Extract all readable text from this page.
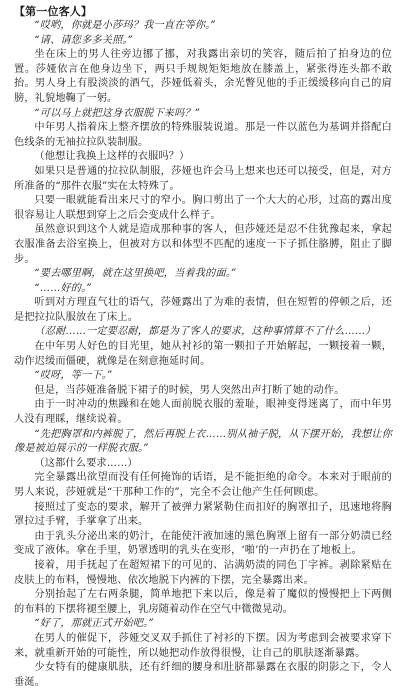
【第一位客人】

“哎哟，你就是小莎玛？我一直在等你。”

“请、请您多多关照。”

坐在床上的男人往旁边挪了挪，对我露出亲切的笑容，随后拍了拍身边的位置。莎娅依言在他身边坐下，两只手规规矩矩地放在膝盖上，紧张得连头都不敢抬。男人身上有股淡淡的酒气，莎娅低着头，余光瞥见他的手正缓缓移向自己的肩膀，礼貌地鞠了一躬。

“可以马上就把这身衣服脱下来吗？”

中年男人指着床上整齐摆放的特殊服装说道。那是一件以蓝色为基调并搭配白色线条的无袖拉拉队装制服。

（他想让我换上这样的衣服吗？）

如果只是普通的拉拉队制服，莎娅也许会马上想来也还可以接受，但是，对方所准备的“那件衣服”实在太特殊了。

只要一眼就能看出来尺寸的窄小。胸口剪出了一个大大的心形，过高的露出度很容易让人联想到穿上之后会变成什么样子。

虽然意识到这个人就是造成那种事的客人，但莎娅还是忍不住犹豫起来，拿起衣服准备去浴室换上，但被对方以和体型不匹配的速度一下子抓住胳膊，阻止了脚步。

“要去哪里啊，就在这里换吧，当着我的面。”

“……好的。”

听到对方理直气壮的语气，莎娅露出了为难的表情，但在短暂的停顿之后，还是把拉拉队服放在了床上。

（忍耐……一定要忍耐，都是为了客人的要求，这种事情算不了什么……）

在中年男人好色的目光里，她从衬衫的第一颗扣子开始解起，一颗接着一颗，动作迟缓而僵硬，就像是在刻意拖延时间。

“哎呀，等一下。”

但是，当莎娅准备脱下裙子的时候，男人突然出声打断了她的动作。

由于一时冲动的焦躁和在她人面前脱衣服的羞耻，眼神变得迷离了，而中年男人没有理睬，继续说着。

“先把胸罩和内裤脱了，然后再脱上衣……别从袖子脱，从下摆开始，我想让你像是被迫展示的一样脱衣服。”

（这都什么要求……）

完全暴露出欲望而没有任何掩饰的话语，是不能拒绝的命令。本来对于眼前的男人来说，莎娅就是“干那种工作的”，完全不会让他产生任何顾虑。

接照过了变态的要求，解开了被弹力紧紧勒住而扣好的胸罩扣子，迅速地将胸罩拉过手臂，手掌拿了出来。

由于乳头分泌出来的奶汁，在能使汗液加速的黑色胸罩上留有一部分奶渍已经变成了液体。拿在手里，奶罩透明的乳头在变形，‘啪’的一声扔在了地板上。

接着，用手抚起了在超短裙下的可见的、沾满奶渍的同色丁字裤。剥除紧贴在皮肤上的布料，慢慢地、依次地脱下内裤的下摆，完全暴露出来。

分别抬起了左右两条腿，简单地把下来以后，像是着了魔似的慢慢把上下两侧的布料的下摆将褪至腰上，乳房随着动作在空气中微微晃动。

“好了，那就正式开始吧。”

在男人的催促下，莎娅交叉双手抓住了衬衫的下摆。因为考虑到会被要求穿下来，就重新开始的可能性，所以她把动作放得很慢，让自己的肌肤逐渐暴露。

少女特有的健康肌肤，还有纤细的腰身和肚脐都暴露在衣服的阴影之下，令人垂涎。
